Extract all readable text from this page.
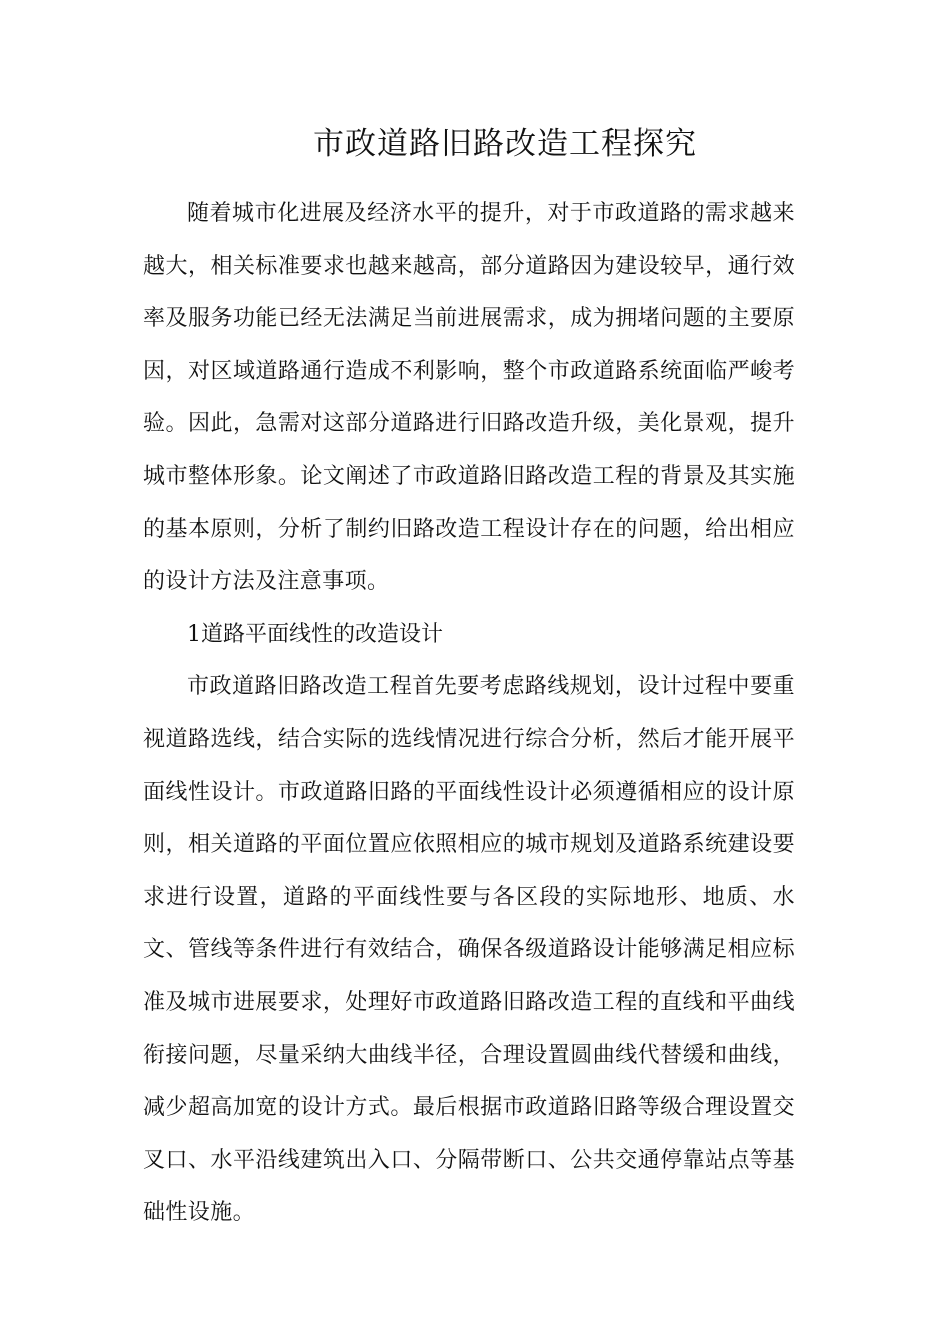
市政道路旧路改造工程探究

随着城市化进展及经济水平的提升，对于市政道路的需求越来越大，相关标准要求也越来越高，部分道路因为建设较早，通行效率及服务功能已经无法满足当前进展需求，成为拥堵问题的主要原因，对区域道路通行造成不利影响，整个市政道路系统面临严峻考验。因此，急需对这部分道路进行旧路改造升级，美化景观，提升城市整体形象。论文阐述了市政道路旧路改造工程的背景及其实施的基本原则，分析了制约旧路改造工程设计存在的问题，给出相应的设计方法及注意事项。

1道路平面线性的改造设计

市政道路旧路改造工程首先要考虑路线规划，设计过程中要重视道路选线，结合实际的选线情况进行综合分析，然后才能开展平面线性设计。市政道路旧路的平面线性设计必须遵循相应的设计原则，相关道路的平面位置应依照相应的城市规划及道路系统建设要求进行设置，道路的平面线性要与各区段的实际地形、地质、水文、管线等条件进行有效结合，确保各级道路设计能够满足相应标准及城市进展要求，处理好市政道路旧路改造工程的直线和平曲线衔接问题，尽量采纳大曲线半径，合理设置圆曲线代替缓和曲线，减少超高加宽的设计方式。最后根据市政道路旧路等级合理设置交叉口、水平沿线建筑出入口、分隔带断口、公共交通停靠站点等基础性设施。
